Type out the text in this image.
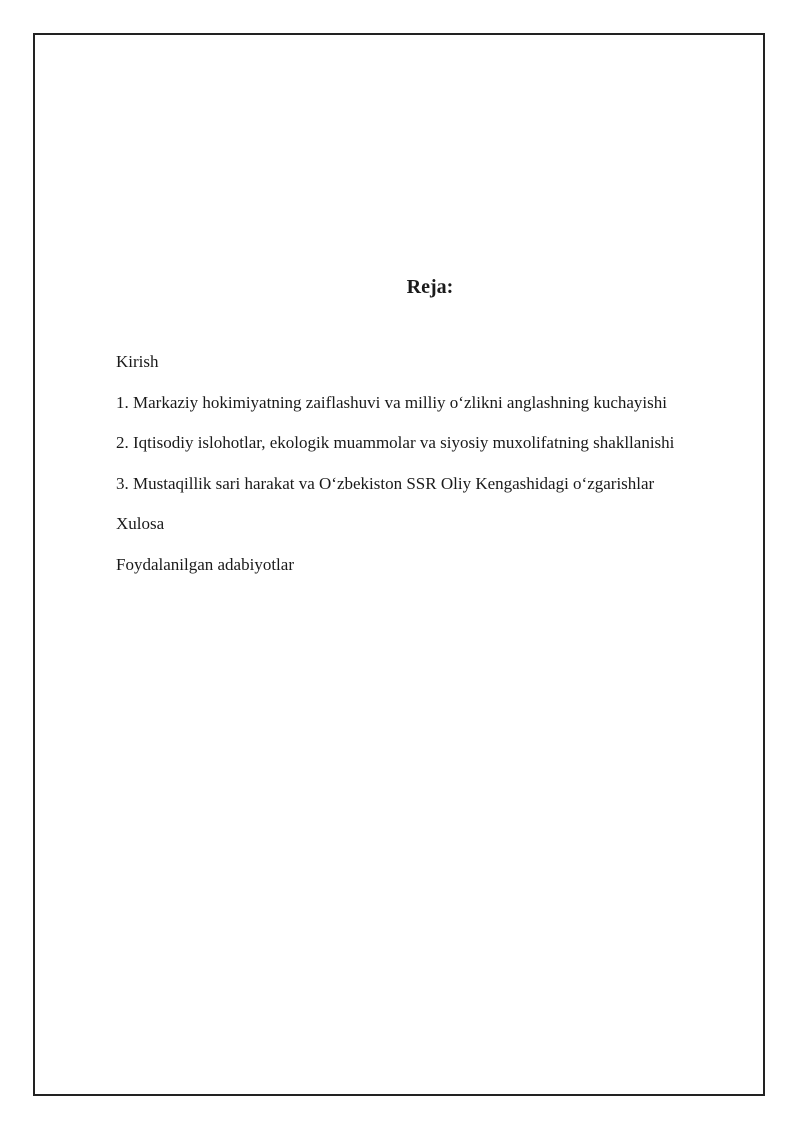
Reja:
Kirish
1. Markaziy hokimiyatning zaiflashuvi va milliy o‘zlikni anglashning kuchayishi
2. Iqtisodiy islohotlar, ekologik muammolar va siyosiy muxolifatning shakllanishi
3. Mustaqillik sari harakat va O‘zbekiston SSR Oliy Kengashidagi o‘zgarishlar
Xulosa
Foydalanilgan adabiyotlar
